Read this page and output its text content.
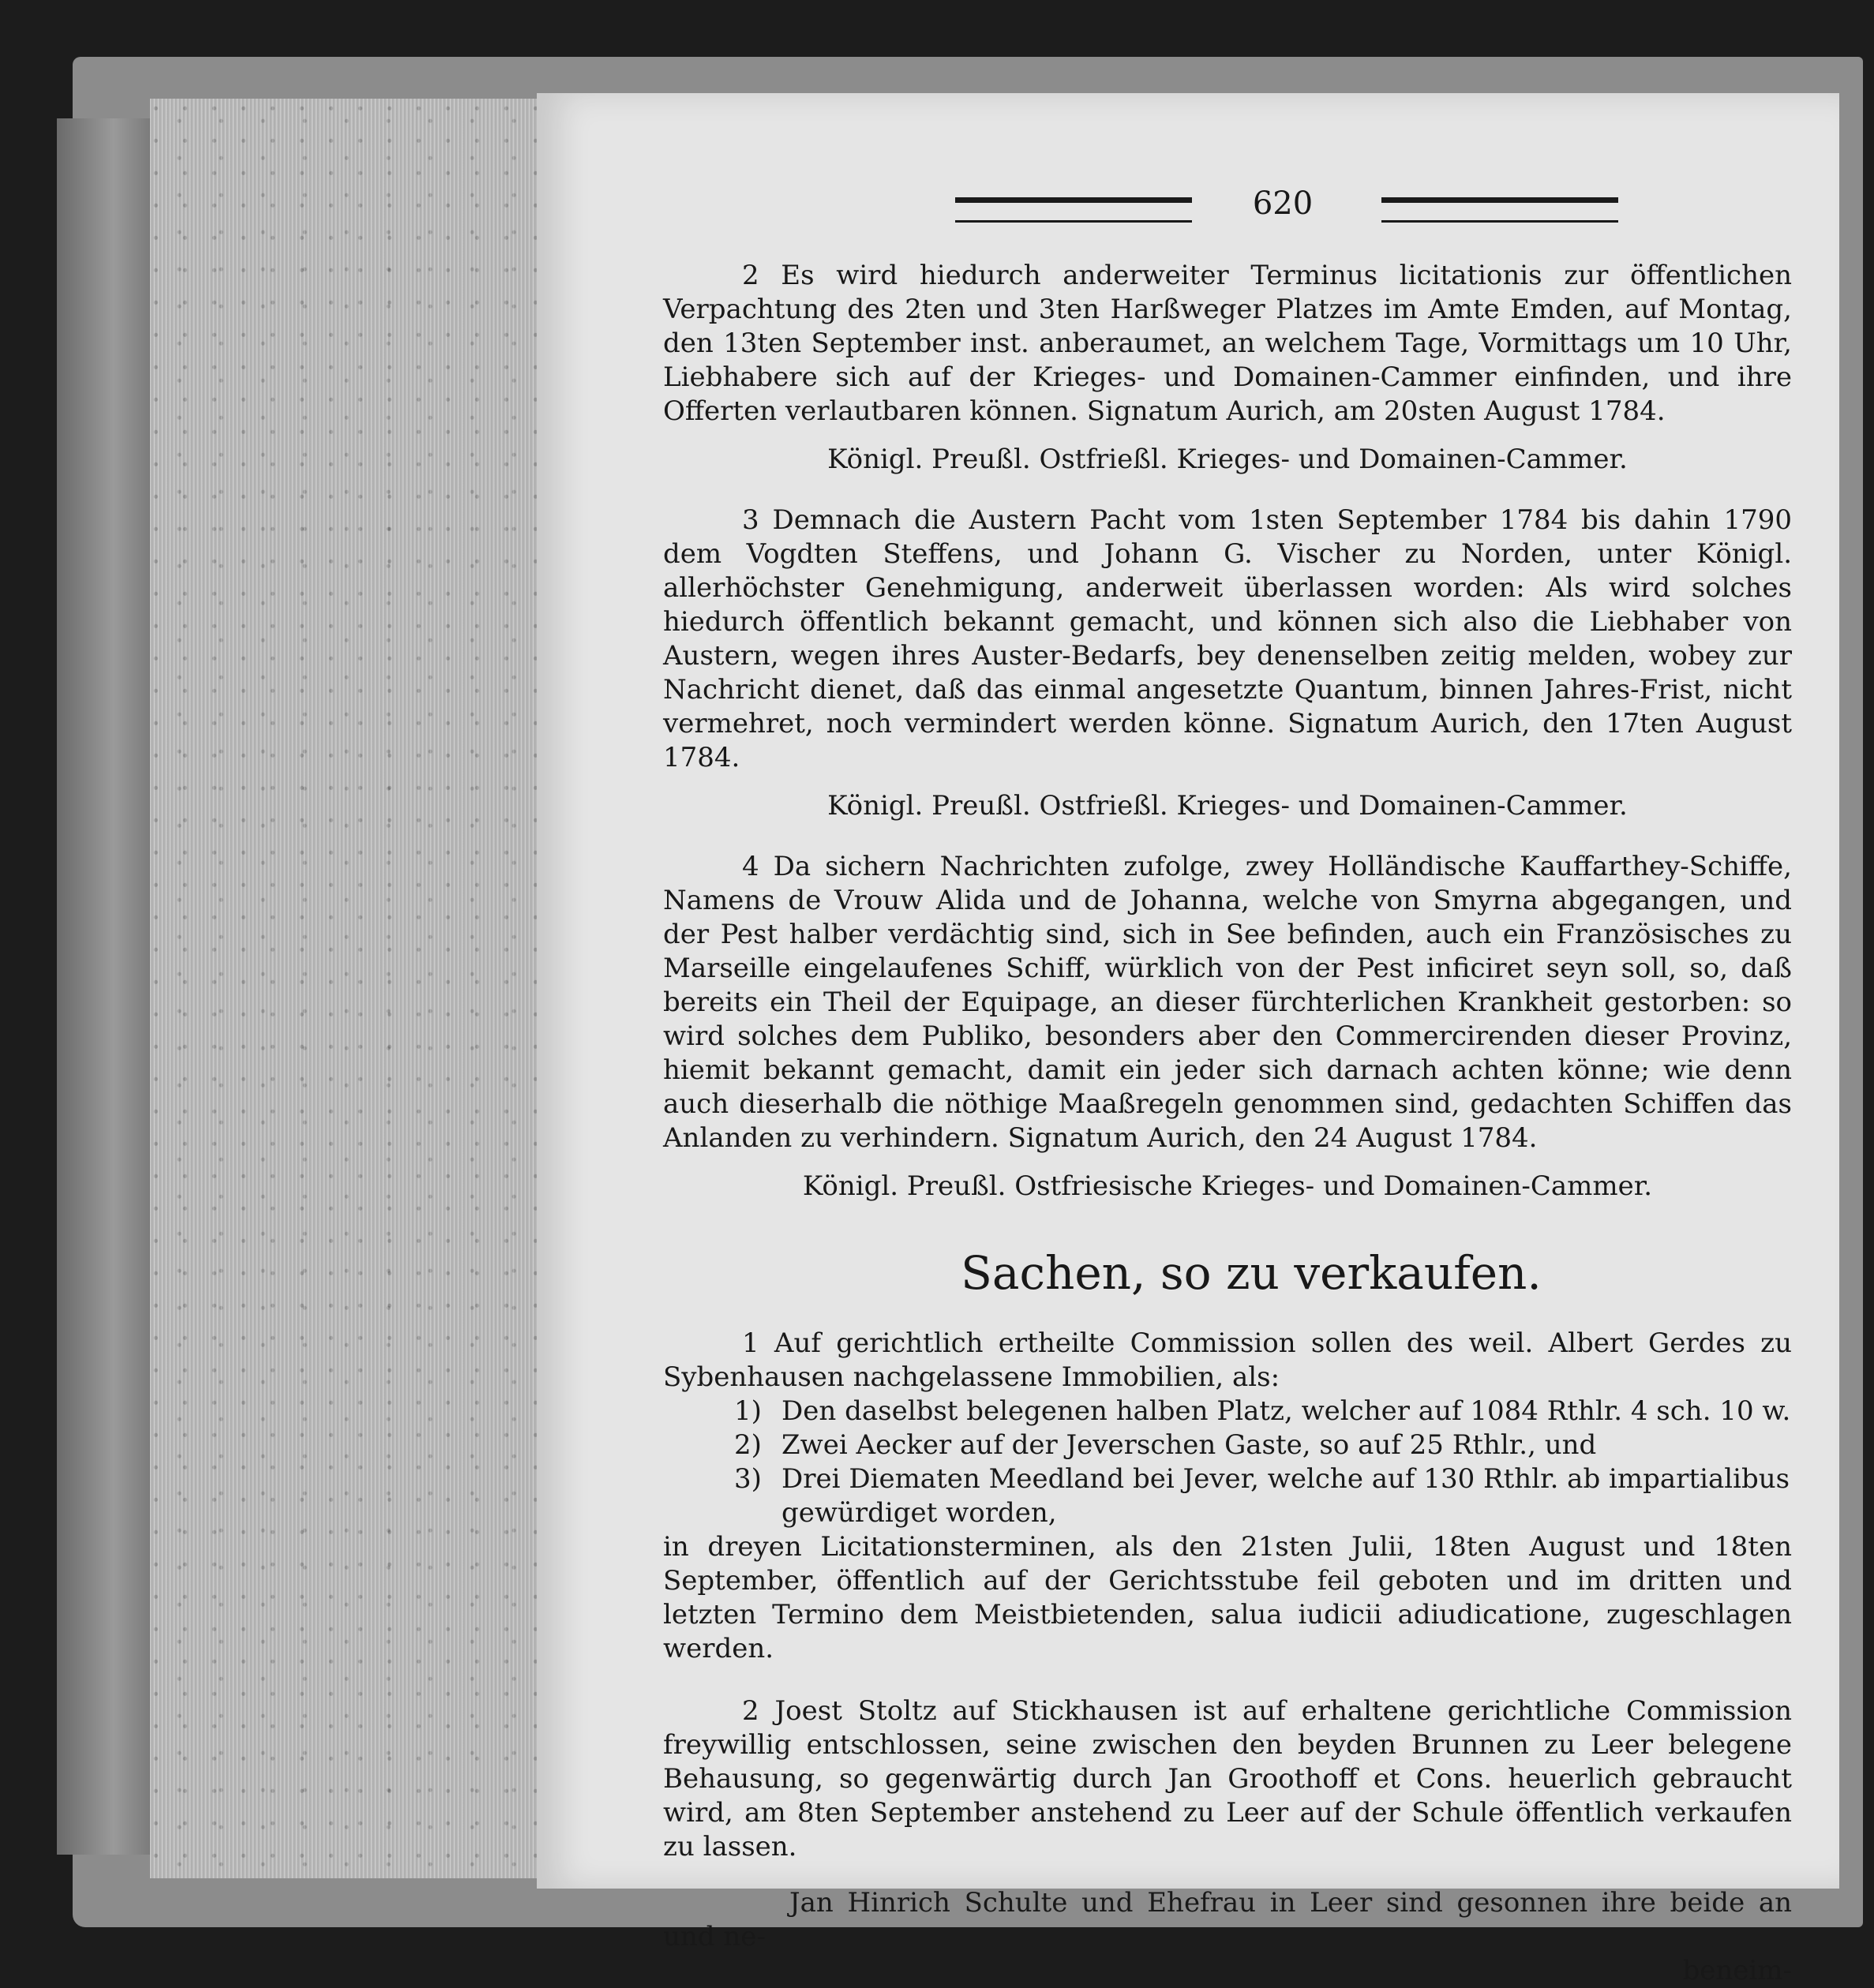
620

2 Es wird hiedurch anderweiter Terminus licitationis zur öffentlichen Verpachtung des 2ten und 3ten Harßweger Platzes im Amte Emden, auf Montag, den 13ten September inst. anberaumet, an welchem Tage, Vormittags um 10 Uhr, Liebhabere sich auf der Krieges- und Domainen-Cammer einfinden, und ihre Offerten verlautbaren können. Signatum Aurich, am 20sten August 1784.

Königl. Preußl. Ostfrießl. Krieges- und Domainen-Cammer.

3 Demnach die Austern Pacht vom 1sten September 1784 bis dahin 1790 dem Vogdten Steffens, und Johann G. Vischer zu Norden, unter Königl. allerhöchster Genehmigung, anderweit überlassen worden: Als wird solches hiedurch öffentlich bekannt gemacht, und können sich also die Liebhaber von Austern, wegen ihres Auster-Bedarfs, bey denenselben zeitig melden, wobey zur Nachricht dienet, daß das einmal angesetzte Quantum, binnen Jahres-Frist, nicht vermehret, noch vermindert werden könne. Signatum Aurich, den 17ten August 1784.

Königl. Preußl. Ostfrießl. Krieges- und Domainen-Cammer.

4 Da sichern Nachrichten zufolge, zwey Holländische Kauffarthey-Schiffe, Namens de Vrouw Alida und de Johanna, welche von Smyrna abgegangen, und der Pest halber verdächtig sind, sich in See befinden, auch ein Französisches zu Marseille eingelaufenes Schiff, würklich von der Pest inficiret seyn soll, so, daß bereits ein Theil der Equipage, an dieser fürchterlichen Krankheit gestorben: so wird solches dem Publiko, besonders aber den Commercirenden dieser Provinz, hiemit bekannt gemacht, damit ein jeder sich darnach achten könne; wie denn auch dieserhalb die nöthige Maaßregeln genommen sind, gedachten Schiffen das Anlanden zu verhindern. Signatum Aurich, den 24 August 1784.

Königl. Preußl. Ostfriesische Krieges- und Domainen-Cammer.

Sachen, so zu verkaufen.

1 Auf gerichtlich ertheilte Commission sollen des weil. Albert Gerdes zu Sybenhausen nachgelassene Immobilien, als:

1) Den daselbst belegenen halben Platz, welcher auf 1084 Rthlr. 4 sch. 10 w.
2) Zwei Aecker auf der Jeverschen Gaste, so auf 25 Rthlr., und
3) Drei Diematen Meedland bei Jever, welche auf 130 Rthlr. ab impartialibus gewürdiget worden,

in dreyen Licitationsterminen, als den 21sten Julii, 18ten August und 18ten September, öffentlich auf der Gerichtsstube feil geboten und im dritten und letzten Termino dem Meistbietenden, salua iudicii adiudicatione, zugeschlagen werden.

2 Joest Stoltz auf Stickhausen ist auf erhaltene gerichtliche Commission freywillig entschlossen, seine zwischen den beyden Brunnen zu Leer belegene Behausung, so gegenwärtig durch Jan Groothoff et Cons. heuerlich gebraucht wird, am 8ten September anstehend zu Leer auf der Schule öffentlich verkaufen zu lassen.

Jan Hinrich Schulte und Ehefrau in Leer sind gesonnen ihre beide an und ne-

beneim-
